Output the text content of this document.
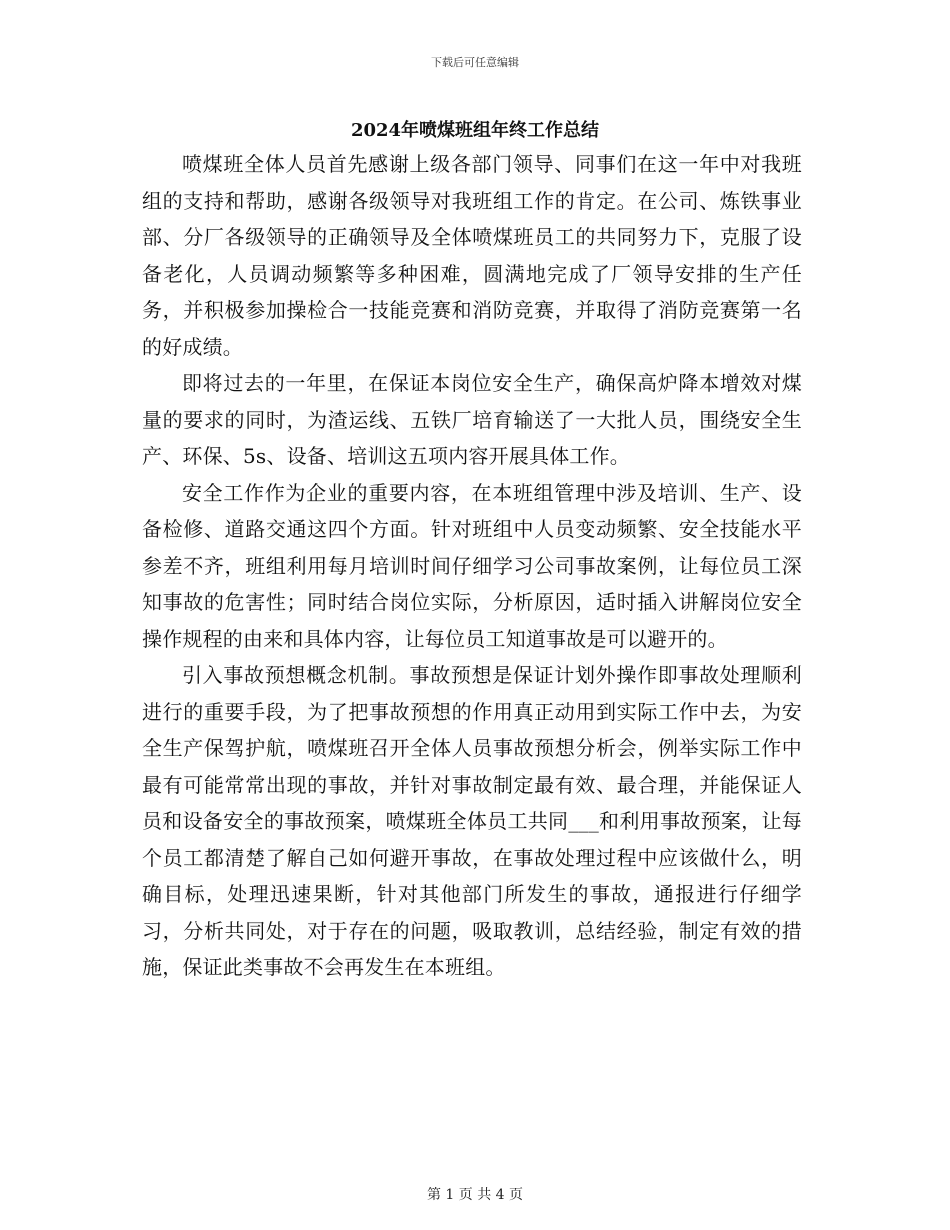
下载后可任意编辑
2024年喷煤班组年终工作总结

喷煤班全体人员首先感谢上级各部门领导、同事们在这一年中对我班组的支持和帮助，感谢各级领导对我班组工作的肯定。在公司、炼铁事业部、分厂各级领导的正确领导及全体喷煤班员工的共同努力下，克服了设备老化，人员调动频繁等多种困难，圆满地完成了厂领导安排的生产任务，并积极参加操检合一技能竞赛和消防竞赛，并取得了消防竞赛第一名的好成绩。

即将过去的一年里，在保证本岗位安全生产，确保高炉降本增效对煤量的要求的同时，为渣运线、五铁厂培育输送了一大批人员，围绕安全生产、环保、5s、设备、培训这五项内容开展具体工作。

安全工作作为企业的重要内容，在本班组管理中涉及培训、生产、设备检修、道路交通这四个方面。针对班组中人员变动频繁、安全技能水平参差不齐，班组利用每月培训时间仔细学习公司事故案例，让每位员工深知事故的危害性；同时结合岗位实际，分析原因，适时插入讲解岗位安全操作规程的由来和具体内容，让每位员工知道事故是可以避开的。

引入事故预想概念机制。事故预想是保证计划外操作即事故处理顺利进行的重要手段，为了把事故预想的作用真正动用到实际工作中去，为安全生产保驾护航，喷煤班召开全体人员事故预想分析会，例举实际工作中最有可能常常出现的事故，并针对事故制定最有效、最合理，并能保证人员和设备安全的事故预案，喷煤班全体员工共同___和利用事故预案，让每个员工都清楚了解自己如何避开事故，在事故处理过程中应该做什么，明确目标，处理迅速果断，针对其他部门所发生的事故，通报进行仔细学习，分析共同处，对于存在的问题，吸取教训，总结经验，制定有效的措施，保证此类事故不会再发生在本班组。

第 1 页 共 4 页
